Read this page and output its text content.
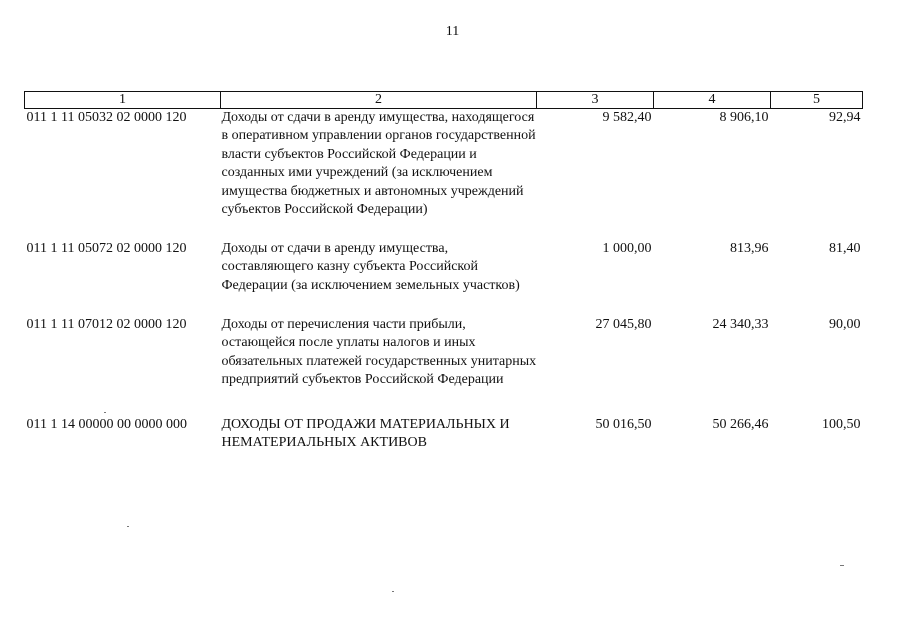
11
1	2	3	4	5
011 1 11 05032 02 0000 120	Доходы от сдачи в аренду имущества, находящегося в оперативном управлении органов государственной власти субъектов Российской Федерации и созданных ими учреждений (за исключением имущества бюджетных и автономных учреждений субъектов Российской Федерации)	9 582,40	8 906,10	92,94
011 1 11 05072 02 0000 120	Доходы от сдачи в аренду имущества, составляющего казну субъекта Российской Федерации (за исключением земельных участков)	1 000,00	813,96	81,40
011 1 11 07012 02 0000 120	Доходы от перечисления части прибыли, остающейся после уплаты налогов и иных обязательных платежей государственных унитарных предприятий субъектов Российской Федерации	27 045,80	24 340,33	90,00
011 1 14 00000 00 0000 000	ДОХОДЫ ОТ ПРОДАЖИ МАТЕРИАЛЬНЫХ И НЕМАТЕРИАЛЬНЫХ АКТИВОВ	50 016,50	50 266,46	100,50
